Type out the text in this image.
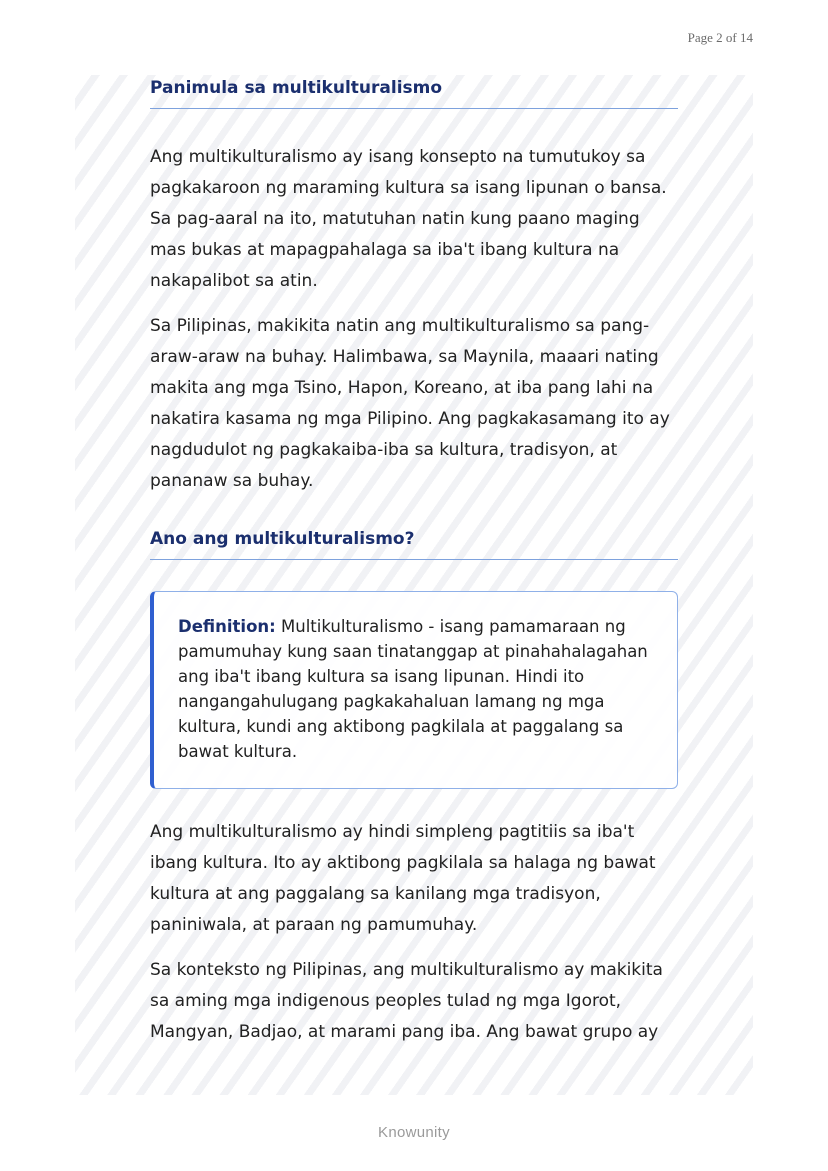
Page 2 of 14
Panimula sa multikulturalismo

Ang multikulturalismo ay isang konsepto na tumutukoy sa pagkakaroon ng maraming kultura sa isang lipunan o bansa. Sa pag-aaral na ito, matutuhan natin kung paano maging mas bukas at mapagpahalaga sa iba't ibang kultura na nakapalibot sa atin.

Sa Pilipinas, makikita natin ang multikulturalismo sa pang-araw-araw na buhay. Halimbawa, sa Maynila, maaari nating makita ang mga Tsino, Hapon, Koreano, at iba pang lahi na nakatira kasama ng mga Pilipino. Ang pagkakasamang ito ay nagdudulot ng pagkakaiba-iba sa kultura, tradisyon, at pananaw sa buhay.

Ano ang multikulturalismo?
Definition: Multikulturalismo - isang pamamaraan ng pamumuhay kung saan tinatanggap at pinahahalagahan ang iba't ibang kultura sa isang lipunan. Hindi ito nangangahulugang pagkakahaluan lamang ng mga kultura, kundi ang aktibong pagkilala at paggalang sa bawat kultura.

Ang multikulturalismo ay hindi simpleng pagtitiis sa iba't ibang kultura. Ito ay aktibong pagkilala sa halaga ng bawat kultura at ang paggalang sa kanilang mga tradisyon, paniniwala, at paraan ng pamumuhay.

Sa konteksto ng Pilipinas, ang multikulturalismo ay makikita sa aming mga indigenous peoples tulad ng mga Igorot, Mangyan, Badjao, at marami pang iba. Ang bawat grupo ay

Knowunity
